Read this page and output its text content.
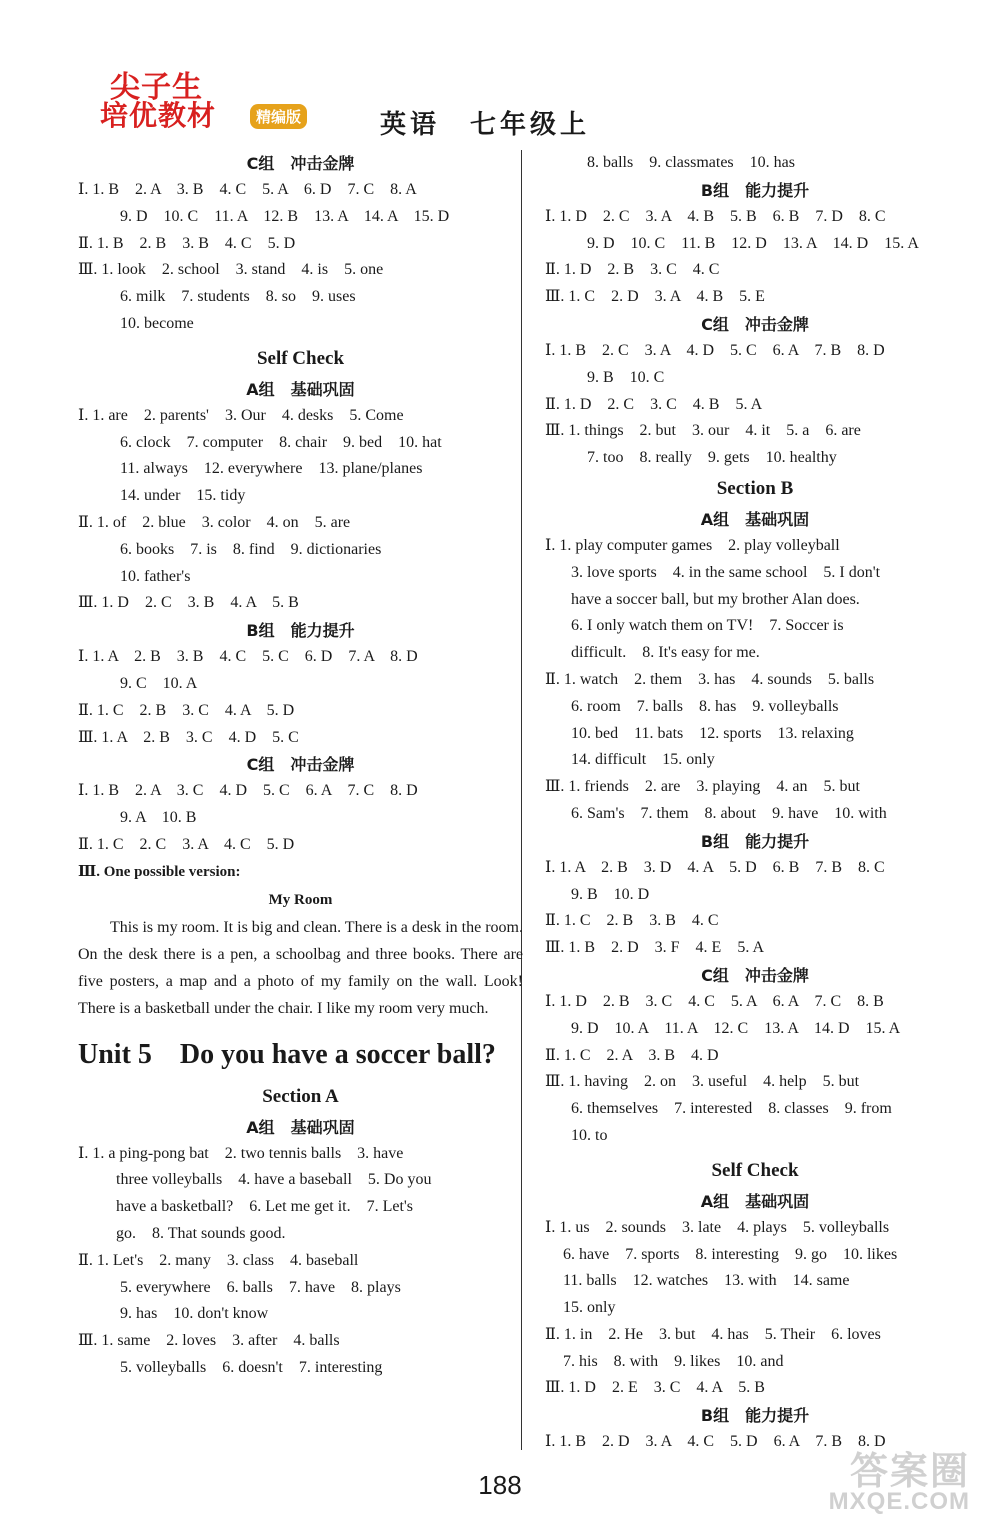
尖子生
培优教材	精编版	英语　七年级上
C组　冲击金牌
Ⅰ. 1. B　2. A　3. B　4. C　5. A　6. D　7. C　8. A
9. D　10. C　11. A　12. B　13. A　14. A　15. D
Ⅱ. 1. B　2. B　3. B　4. C　5. D
Ⅲ. 1. look　2. school　3. stand　4. is　5. one
6. milk　7. students　8. so　9. uses
10. become
Self Check
A组　基础巩固
Ⅰ. 1. are　2. parents'　3. Our　4. desks　5. Come
6. clock　7. computer　8. chair　9. bed　10. hat
11. always　12. everywhere　13. plane/planes
14. under　15. tidy
Ⅱ. 1. of　2. blue　3. color　4. on　5. are
6. books　7. is　8. find　9. dictionaries
10. father's
Ⅲ. 1. D　2. C　3. B　4. A　5. B
B组　能力提升
Ⅰ. 1. A　2. B　3. B　4. C　5. C　6. D　7. A　8. D
9. C　10. A
Ⅱ. 1. C　2. B　3. C　4. A　5. D
Ⅲ. 1. A　2. B　3. C　4. D　5. C
C组　冲击金牌
Ⅰ. 1. B　2. A　3. C　4. D　5. C　6. A　7. C　8. D
9. A　10. B
Ⅱ. 1. C　2. C　3. A　4. C　5. D
Ⅲ. One possible version:
My Room
This is my room. It is big and clean. There is a desk in the room. On the desk there is a pen, a schoolbag and three books. There are five posters, a map and a photo of my family on the wall. Look! There is a basketball under the chair. I like my room very much.
Unit 5　Do you have a soccer ball?
Section A
A组　基础巩固
Ⅰ. 1. a ping-pong bat　2. two tennis balls　3. have
three volleyballs　4. have a baseball　5. Do you
have a basketball?　6. Let me get it.　7. Let's
go.　8. That sounds good.
Ⅱ. 1. Let's　2. many　3. class　4. baseball
5. everywhere　6. balls　7. have　8. plays
9. has　10. don't know
Ⅲ. 1. same　2. loves　3. after　4. balls
5. volleyballs　6. doesn't　7. interesting
8. balls　9. classmates　10. has
B组　能力提升
Ⅰ. 1. D　2. C　3. A　4. B　5. B　6. B　7. D　8. C
9. D　10. C　11. B　12. D　13. A　14. D　15. A
Ⅱ. 1. D　2. B　3. C　4. C
Ⅲ. 1. C　2. D　3. A　4. B　5. E
C组　冲击金牌
Ⅰ. 1. B　2. C　3. A　4. D　5. C　6. A　7. B　8. D
9. B　10. C
Ⅱ. 1. D　2. C　3. C　4. B　5. A
Ⅲ. 1. things　2. but　3. our　4. it　5. a　6. are
7. too　8. really　9. gets　10. healthy
Section B
A组　基础巩固
Ⅰ. 1. play computer games　2. play volleyball
3. love sports　4. in the same school　5. I don't
have a soccer ball, but my brother Alan does.
6. I only watch them on TV!　7. Soccer is
difficult.　8. It's easy for me.
Ⅱ. 1. watch　2. them　3. has　4. sounds　5. balls
6. room　7. balls　8. has　9. volleyballs
10. bed　11. bats　12. sports　13. relaxing
14. difficult　15. only
Ⅲ. 1. friends　2. are　3. playing　4. an　5. but
6. Sam's　7. them　8. about　9. have　10. with
B组　能力提升
Ⅰ. 1. A　2. B　3. D　4. A　5. D　6. B　7. B　8. C
9. B　10. D
Ⅱ. 1. C　2. B　3. B　4. C
Ⅲ. 1. B　2. D　3. F　4. E　5. A
C组　冲击金牌
Ⅰ. 1. D　2. B　3. C　4. C　5. A　6. A　7. C　8. B
9. D　10. A　11. A　12. C　13. A　14. D　15. A
Ⅱ. 1. C　2. A　3. B　4. D
Ⅲ. 1. having　2. on　3. useful　4. help　5. but
6. themselves　7. interested　8. classes　9. from
10. to
Self Check
A组　基础巩固
Ⅰ. 1. us　2. sounds　3. late　4. plays　5. volleyballs
6. have　7. sports　8. interesting　9. go　10. likes
11. balls　12. watches　13. with　14. same
15. only
Ⅱ. 1. in　2. He　3. but　4. has　5. Their　6. loves
7. his　8. with　9. likes　10. and
Ⅲ. 1. D　2. E　3. C　4. A　5. B
B组　能力提升
Ⅰ. 1. B　2. D　3. A　4. C　5. D　6. A　7. B　8. D
188	答案圈
MXQE.COM
